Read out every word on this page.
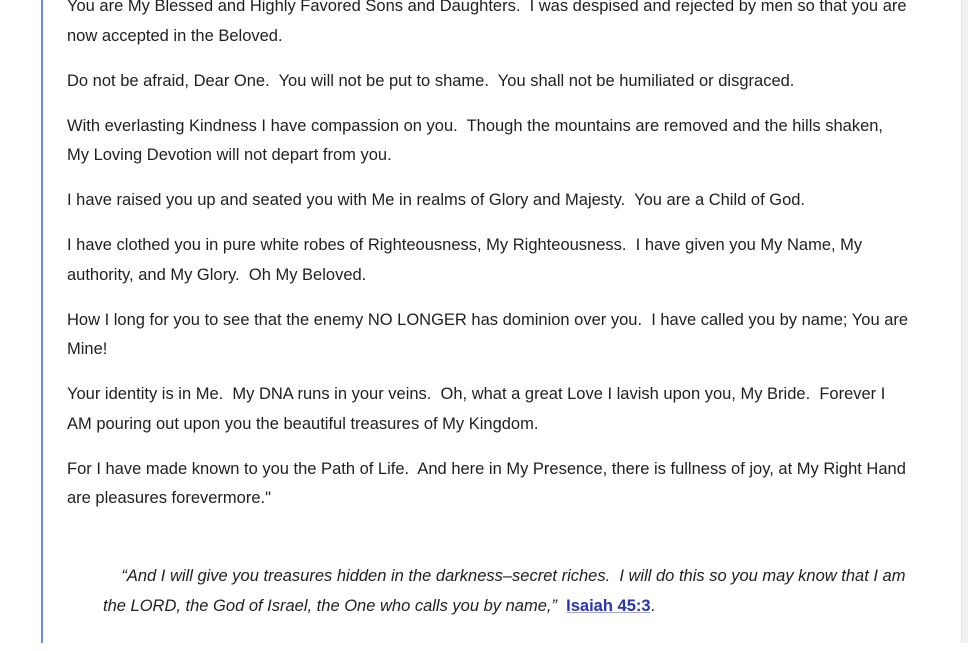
You are My Blessed and Highly Favored Sons and Daughters.  I was despised and rejected by men so that you are now accepted in the Beloved.

Do not be afraid, Dear One.  You will not be put to shame.  You shall not be humiliated or disgraced.

With everlasting Kindness I have compassion on you.  Though the mountains are removed and the hills shaken, My Loving Devotion will not depart from you.

I have raised you up and seated you with Me in realms of Glory and Majesty.  You are a Child of God.

I have clothed you in pure white robes of Righteousness, My Righteousness.  I have given you My Name, My authority, and My Glory.  Oh My Beloved.

How I long for you to see that the enemy NO LONGER has dominion over you.  I have called you by name; You are Mine!

Your identity is in Me.  My DNA runs in your veins.  Oh, what a great Love I lavish upon you, My Bride.  Forever I AM pouring out upon you the beautiful treasures of My Kingdom.

For I have made known to you the Path of Life.  And here in My Presence, there is fullness of joy, at My Right Hand are pleasures forevermore."

“And I will give you treasures hidden in the darkness–secret riches.  I will do this so you may know that I am the LORD, the God of Israel, the One who calls you by name,”  Isaiah 45:3.
